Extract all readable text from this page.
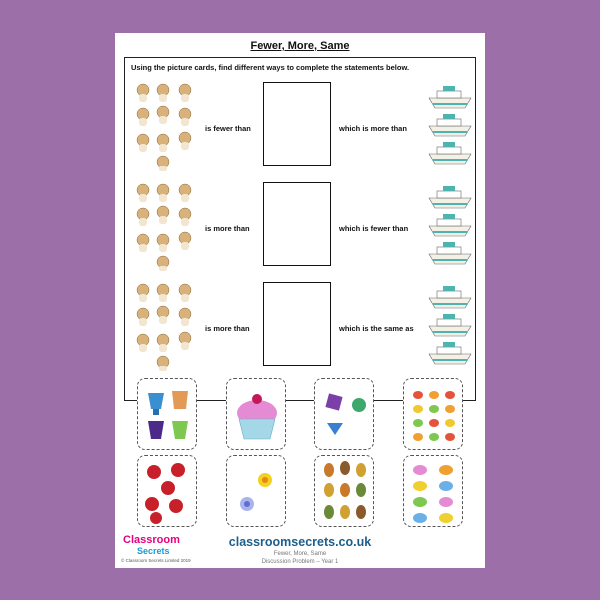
Fewer, More, Same
Using the picture cards, find different ways to complete the statements below.
is fewer than	which is more than
is more than	which is fewer than
is more than	which is the same as
Classroom
Secrets
© Classroom Secrets Limited 2019
classroomsecrets.co.uk
Fewer, More, Same
Discussion Problem – Year 1
